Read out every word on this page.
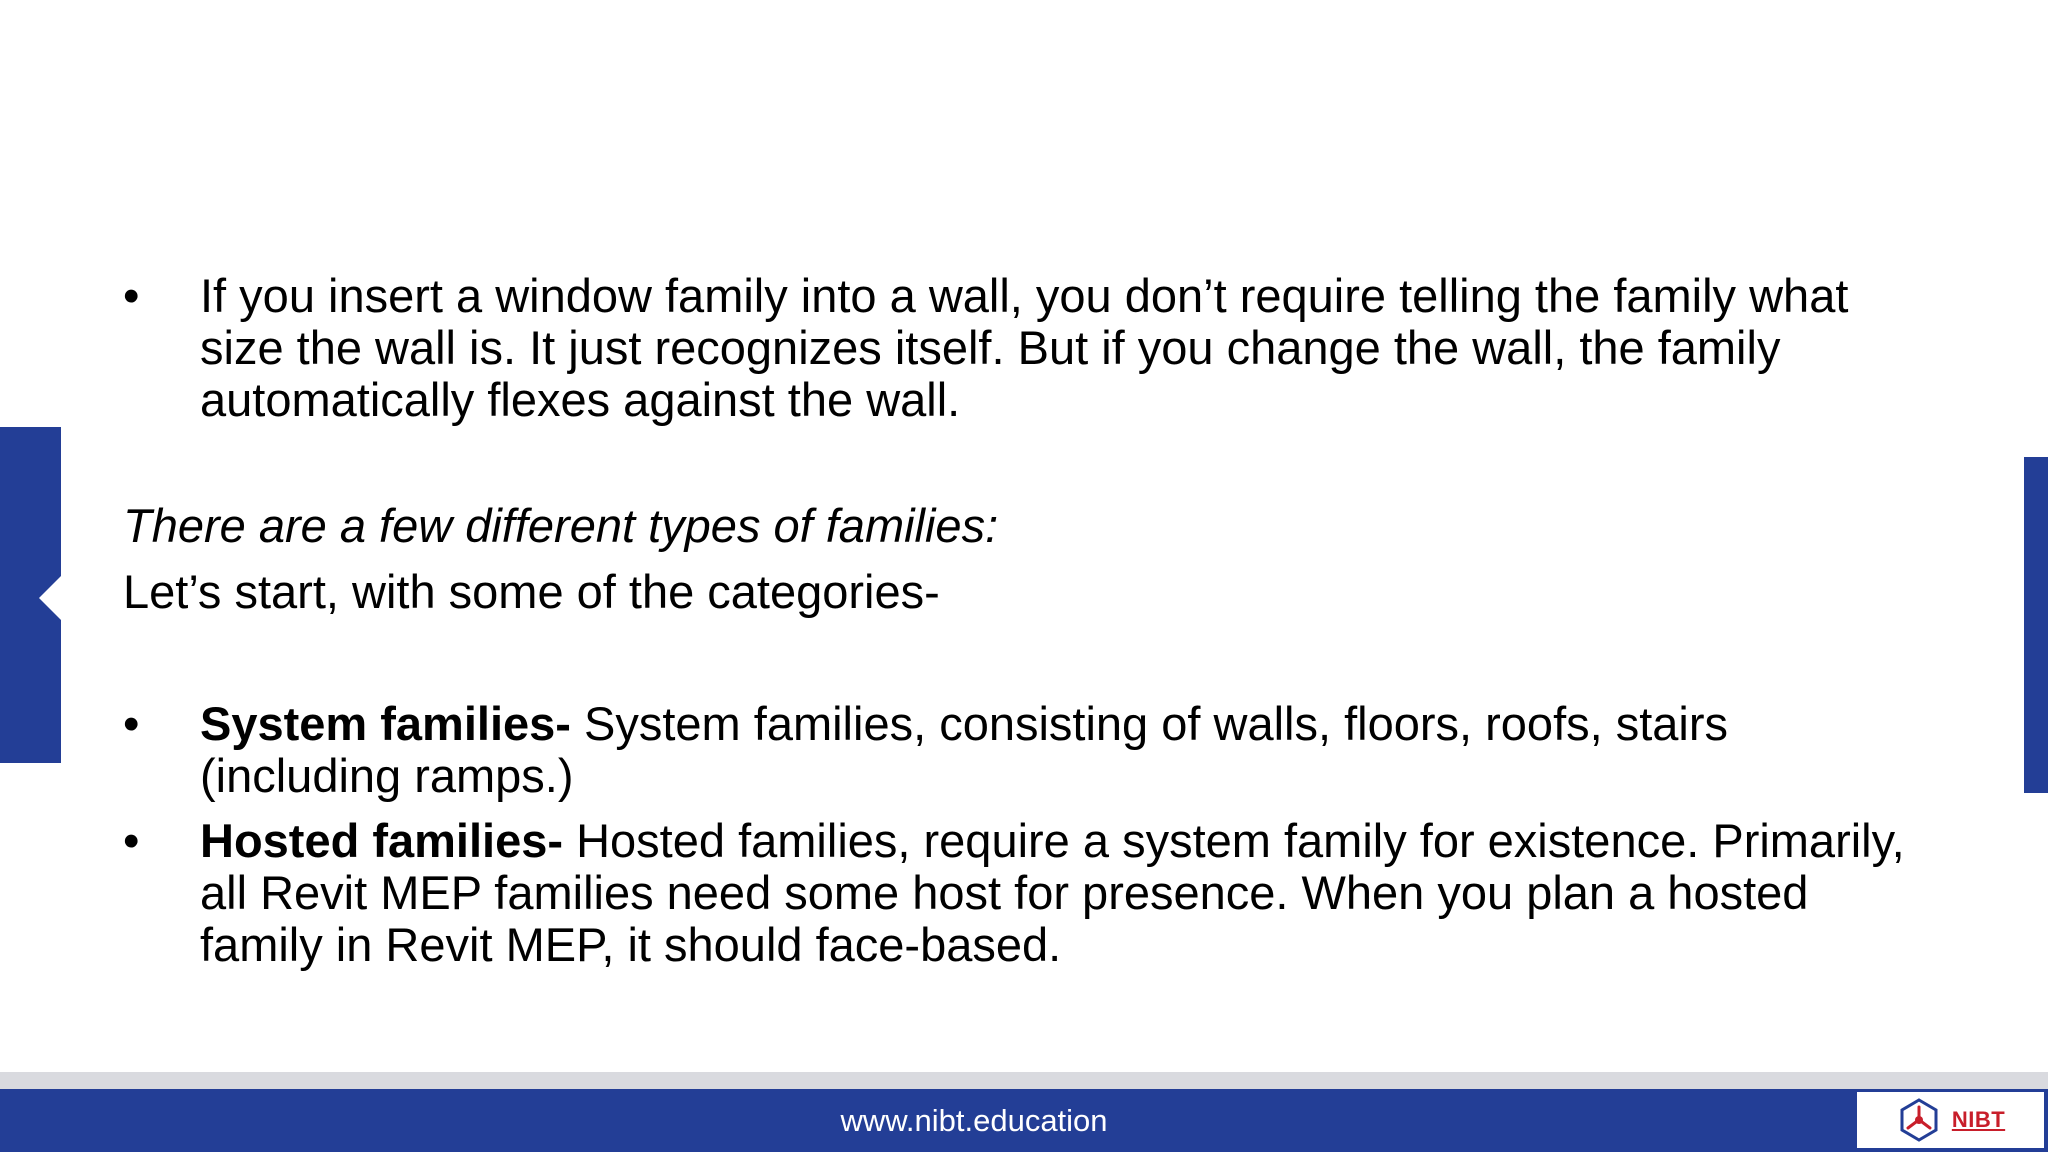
• If you insert a window family into a wall, you don’t require telling the family what size the wall is. It just recognizes itself. But if you change the wall, the family automatically flexes against the wall.
There are a few different types of families:
Let’s start, with some of the categories-
• System families- System families, consisting of walls, floors, roofs, stairs (including ramps.)
• Hosted families- Hosted families, require a system family for existence. Primarily, all Revit MEP families need some host for presence. When you plan a hosted family in Revit MEP, it should face-based.
www.nibt.education	NIBT
